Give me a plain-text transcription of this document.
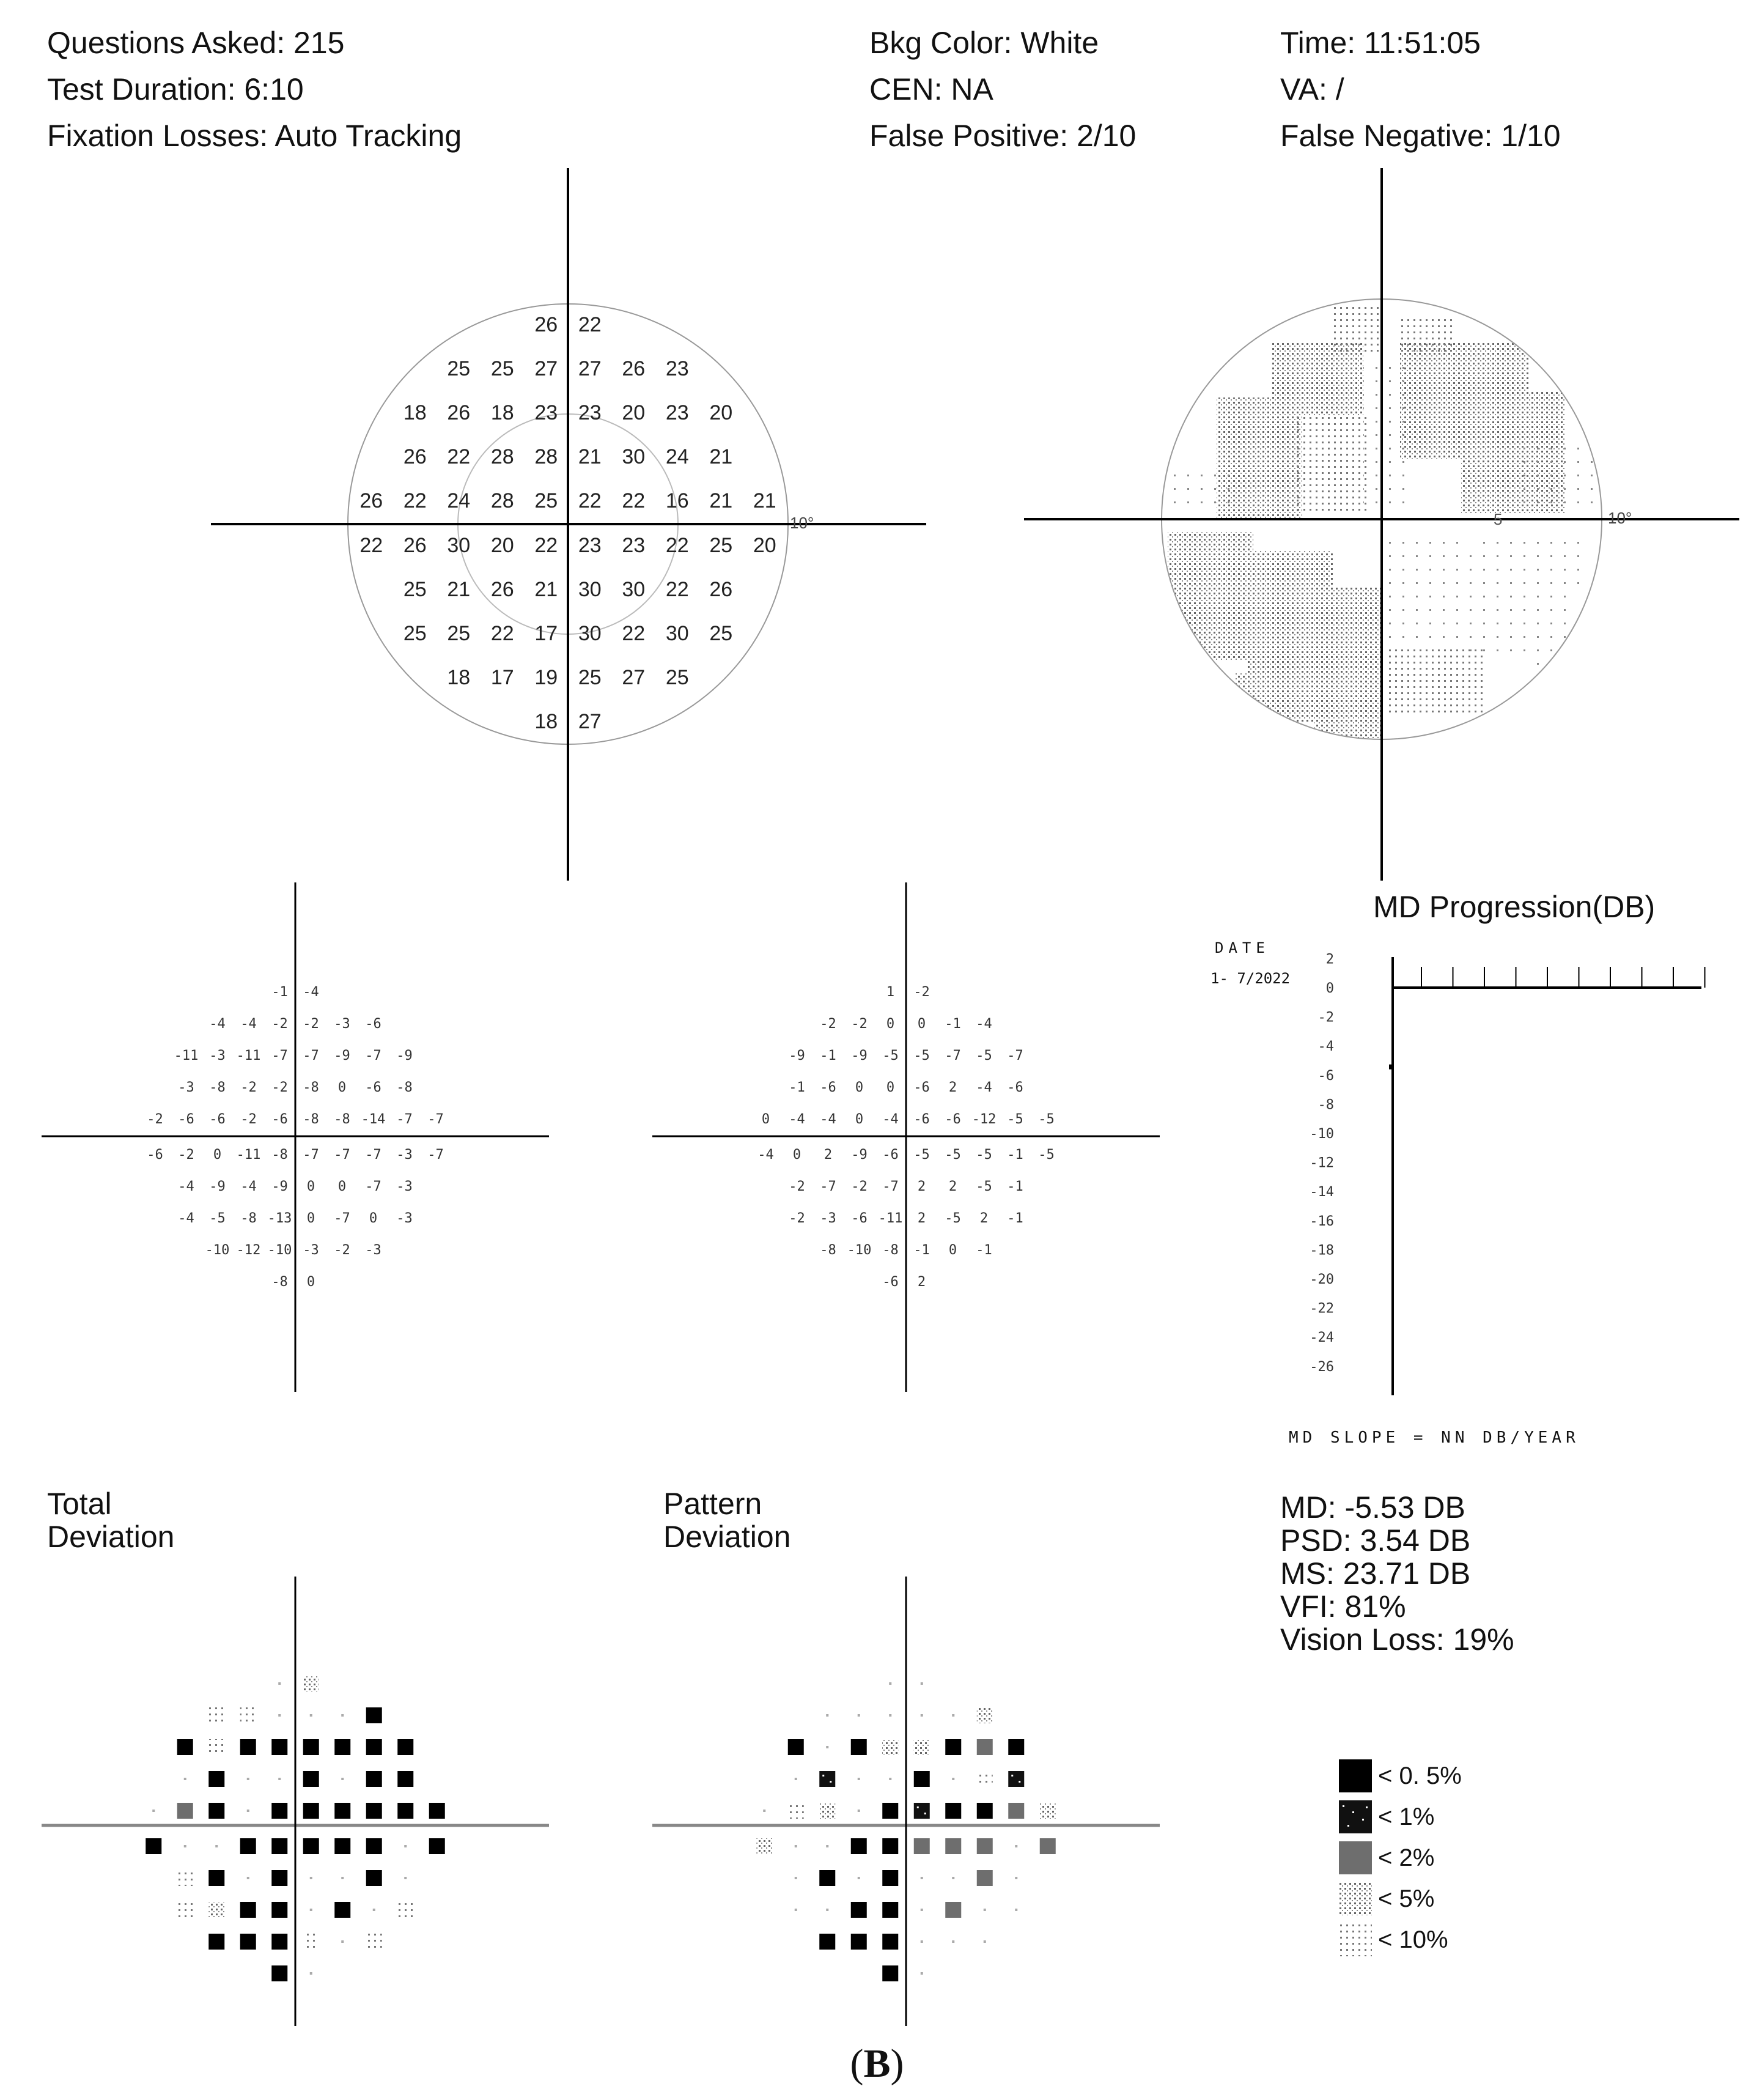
Questions Asked: 215
Test Duration: 6:10
Fixation Losses: Auto Tracking
Bkg Color: White
CEN: NA
False Positive: 2/10
Time: 11:51:05
VA: /
False Negative: 1/10
10°
26 22
25 25 27 27 26 23
18 26 18 23 23 20 23 20
26 22 28 28 21 30 24 21
26 22 24 28 25 22 22 16 21 21
22 26 30 20 22 23 23 22 25 20
25 21 26 21 30 30 22 26
25 25 22 17 30 22 30 25
18 17 19 25 27 25
18 27
10°
5
-1 -4
-4 -4 -2 -2 -3 -6
-11 -3 -11 -7 -7 -9 -7 -9
-3 -8 -2 -2 -8 0 -6 -8
-2 -6 -6 -2 -6 -8 -8 -14 -7 -7
-6 -2 0 -11 -8 -7 -7 -7 -3 -7
-4 -9 -4 -9 0 0 -7 -3
-4 -5 -8 -13 0 -7 0 -3
-10 -12 -10 -3 -2 -3
-8 0
1 -2
-2 -2 0 0 -1 -4
-9 -1 -9 -5 -5 -7 -5 -7
-1 -6 0 0 -6 2 -4 -6
0 -4 -4 0 -4 -6 -6 -12 -5 -5
-4 0 2 -9 -6 -5 -5 -5 -1 -5
-2 -7 -2 -7 2 2 -5 -1
-2 -3 -6 -11 2 -5 2 -1
-8 -10 -8 -1 0 -1
-6 2
MD Progression(DB)
DATE
1- 7/2022
2
0
-2
-4
-6
-8
-10
-12
-14
-16
-18
-20
-22
-24
-26
MD SLOPE = NN DB/YEAR
Total
Deviation
Pattern
Deviation
MD: -5.53 DB
PSD: 3.54 DB
MS: 23.71 DB
VFI: 81%
Vision Loss: 19%
< 0. 5%
< 1%
< 2%
< 5%
< 10%
(B)
